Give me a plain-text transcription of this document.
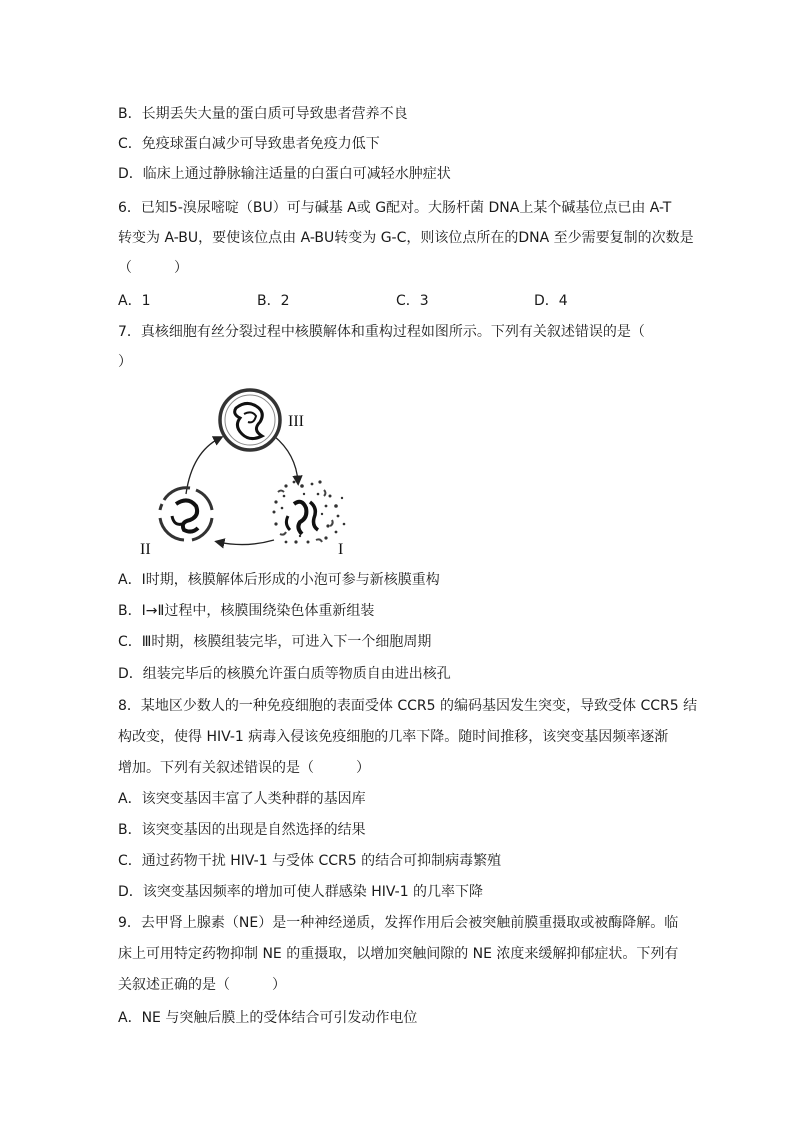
B．长期丢失大量的蛋白质可导致患者营养不良
C．免疫球蛋白减少可导致患者免疫力低下
D．临床上通过静脉输注适量的白蛋白可减轻水肿症状
6．已知5-溴尿嘧啶（BU）可与碱基 A或 G配对。大肠杆菌 DNA上某个碱基位点已由 A-T
转变为 A-BU，要使该位点由 A-BU转变为 G-C，则该位点所在的DNA 至少需要复制的次数是
（　　　）
A．1	B．2	C．3	D．4
7．真核细胞有丝分裂过程中核膜解体和重构过程如图所示。下列有关叙述错误的是（
）
III
II	I
A．Ⅰ时期，核膜解体后形成的小泡可参与新核膜重构
B．Ⅰ→Ⅱ过程中，核膜围绕染色体重新组装
C．Ⅲ时期，核膜组装完毕，可进入下一个细胞周期
D．组装完毕后的核膜允许蛋白质等物质自由进出核孔
8．某地区少数人的一种免疫细胞的表面受体 CCR5 的编码基因发生突变，导致受体 CCR5 结
构改变，使得 HIV-1 病毒入侵该免疫细胞的几率下降。随时间推移，该突变基因频率逐渐
增加。下列有关叙述错误的是（　　　）
A．该突变基因丰富了人类种群的基因库
B．该突变基因的出现是自然选择的结果
C．通过药物干扰 HIV-1 与受体 CCR5 的结合可抑制病毒繁殖
D．该突变基因频率的增加可使人群感染 HIV-1 的几率下降
9．去甲肾上腺素（NE）是一种神经递质，发挥作用后会被突触前膜重摄取或被酶降解。临
床上可用特定药物抑制 NE 的重摄取，以增加突触间隙的 NE 浓度来缓解抑郁症状。下列有
关叙述正确的是（　　　）
A．NE 与突触后膜上的受体结合可引发动作电位
